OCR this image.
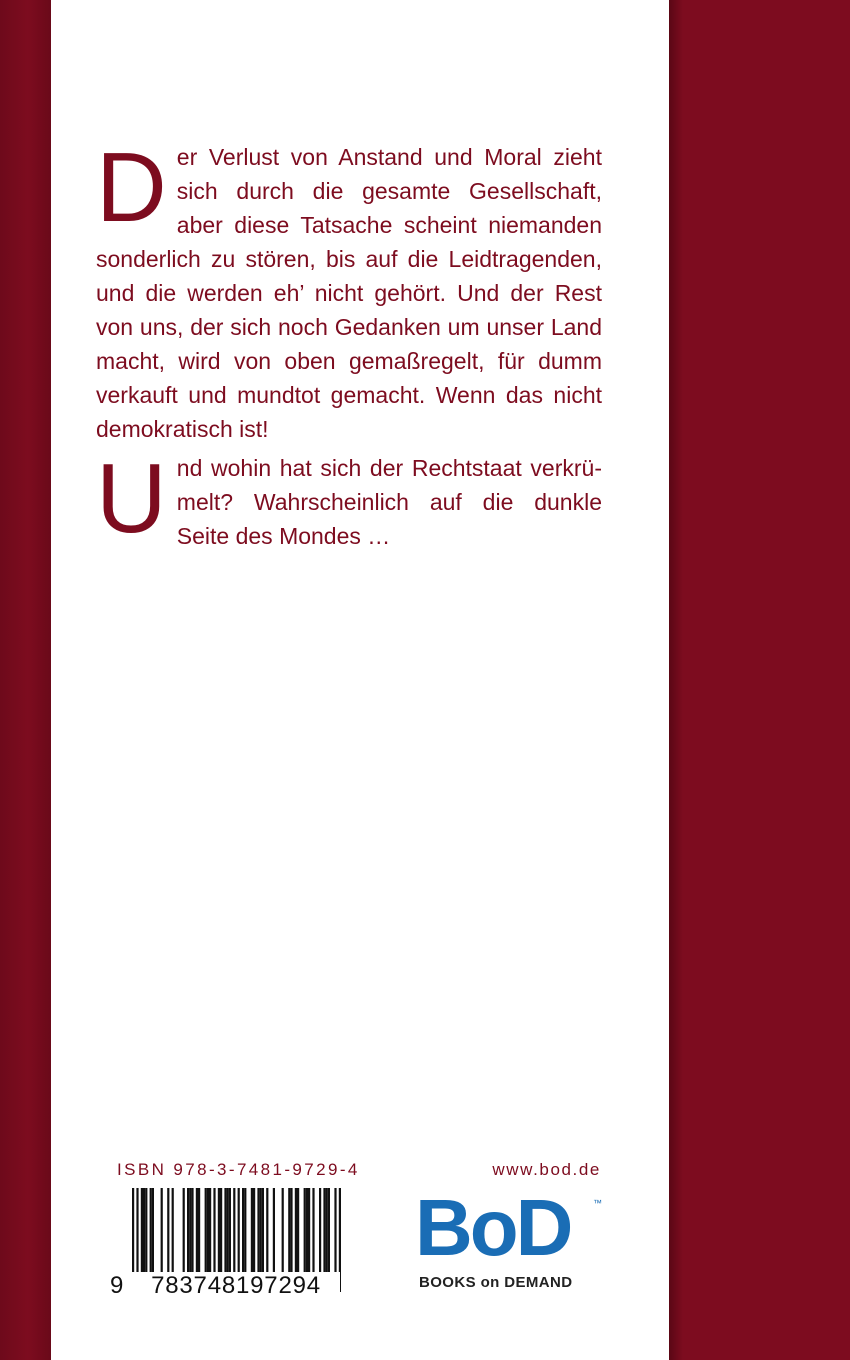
D er Verlust von Anstand und Moral zieht sich durch die gesamte Gesellschaft, aber diese Tatsache scheint niemanden sonderlich zu stören, bis auf die Leidtragenden, und die werden eh’ nicht gehört. Und der Rest von uns, der sich noch Gedanken um unser Land macht, wird von oben gemaßregelt, für dumm verkauft und mundtot gemacht. Wenn das nicht demokratisch ist!

U nd wohin hat sich der Rechtstaat verkrümelt? Wahrscheinlich auf die dunkle Seite des Mondes …

ISBN 978-3-7481-9729-4	www.bod.de
9	783748197294
BoD	™
BOOKS on DEMAND
